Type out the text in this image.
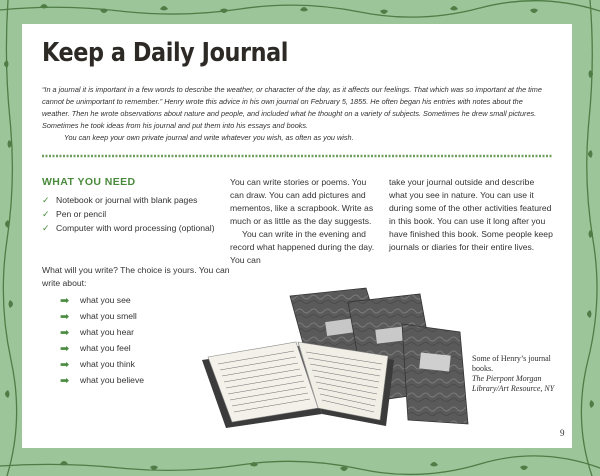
Keep a Daily Journal

“In a journal it is important in a few words to describe the weather, or character of the day, as it affects our feelings. That which was so important at the time cannot be unimportant to remember.” Henry wrote this advice in his own journal on February 5, 1855. He often began his entries with notes about the weather. Then he wrote observations about nature and people, and included what he thought on a variety of subjects. Sometimes he drew small pictures. Sometimes he took ideas from his journal and put them into his essays and books.

You can keep your own private journal and write whatever you wish, as often as you wish.

WHAT YOU NEED
✓ Notebook or journal with blank pages
✓ Pen or pencil
✓ Computer with word processing (optional)

What will you write? The choice is yours. You can write about:

➡	what you see
➡	what you smell
➡	what you hear
➡	what you feel
➡	what you think
➡	what you believe

You can write stories or poems. You can draw. You can add pictures and mementos, like a scrapbook. Write as much or as little as the day suggests.

You can write in the evening and record what happened during the day. You can

take your journal outside and describe what you see in nature. You can use it during some of the other activities featured in this book. You can use it long after you have finished this book. Some people keep journals or diaries for their entire lives.

Some of Henry’s journal books.
The Pierpont Morgan Library/Art Resource, NY

9
